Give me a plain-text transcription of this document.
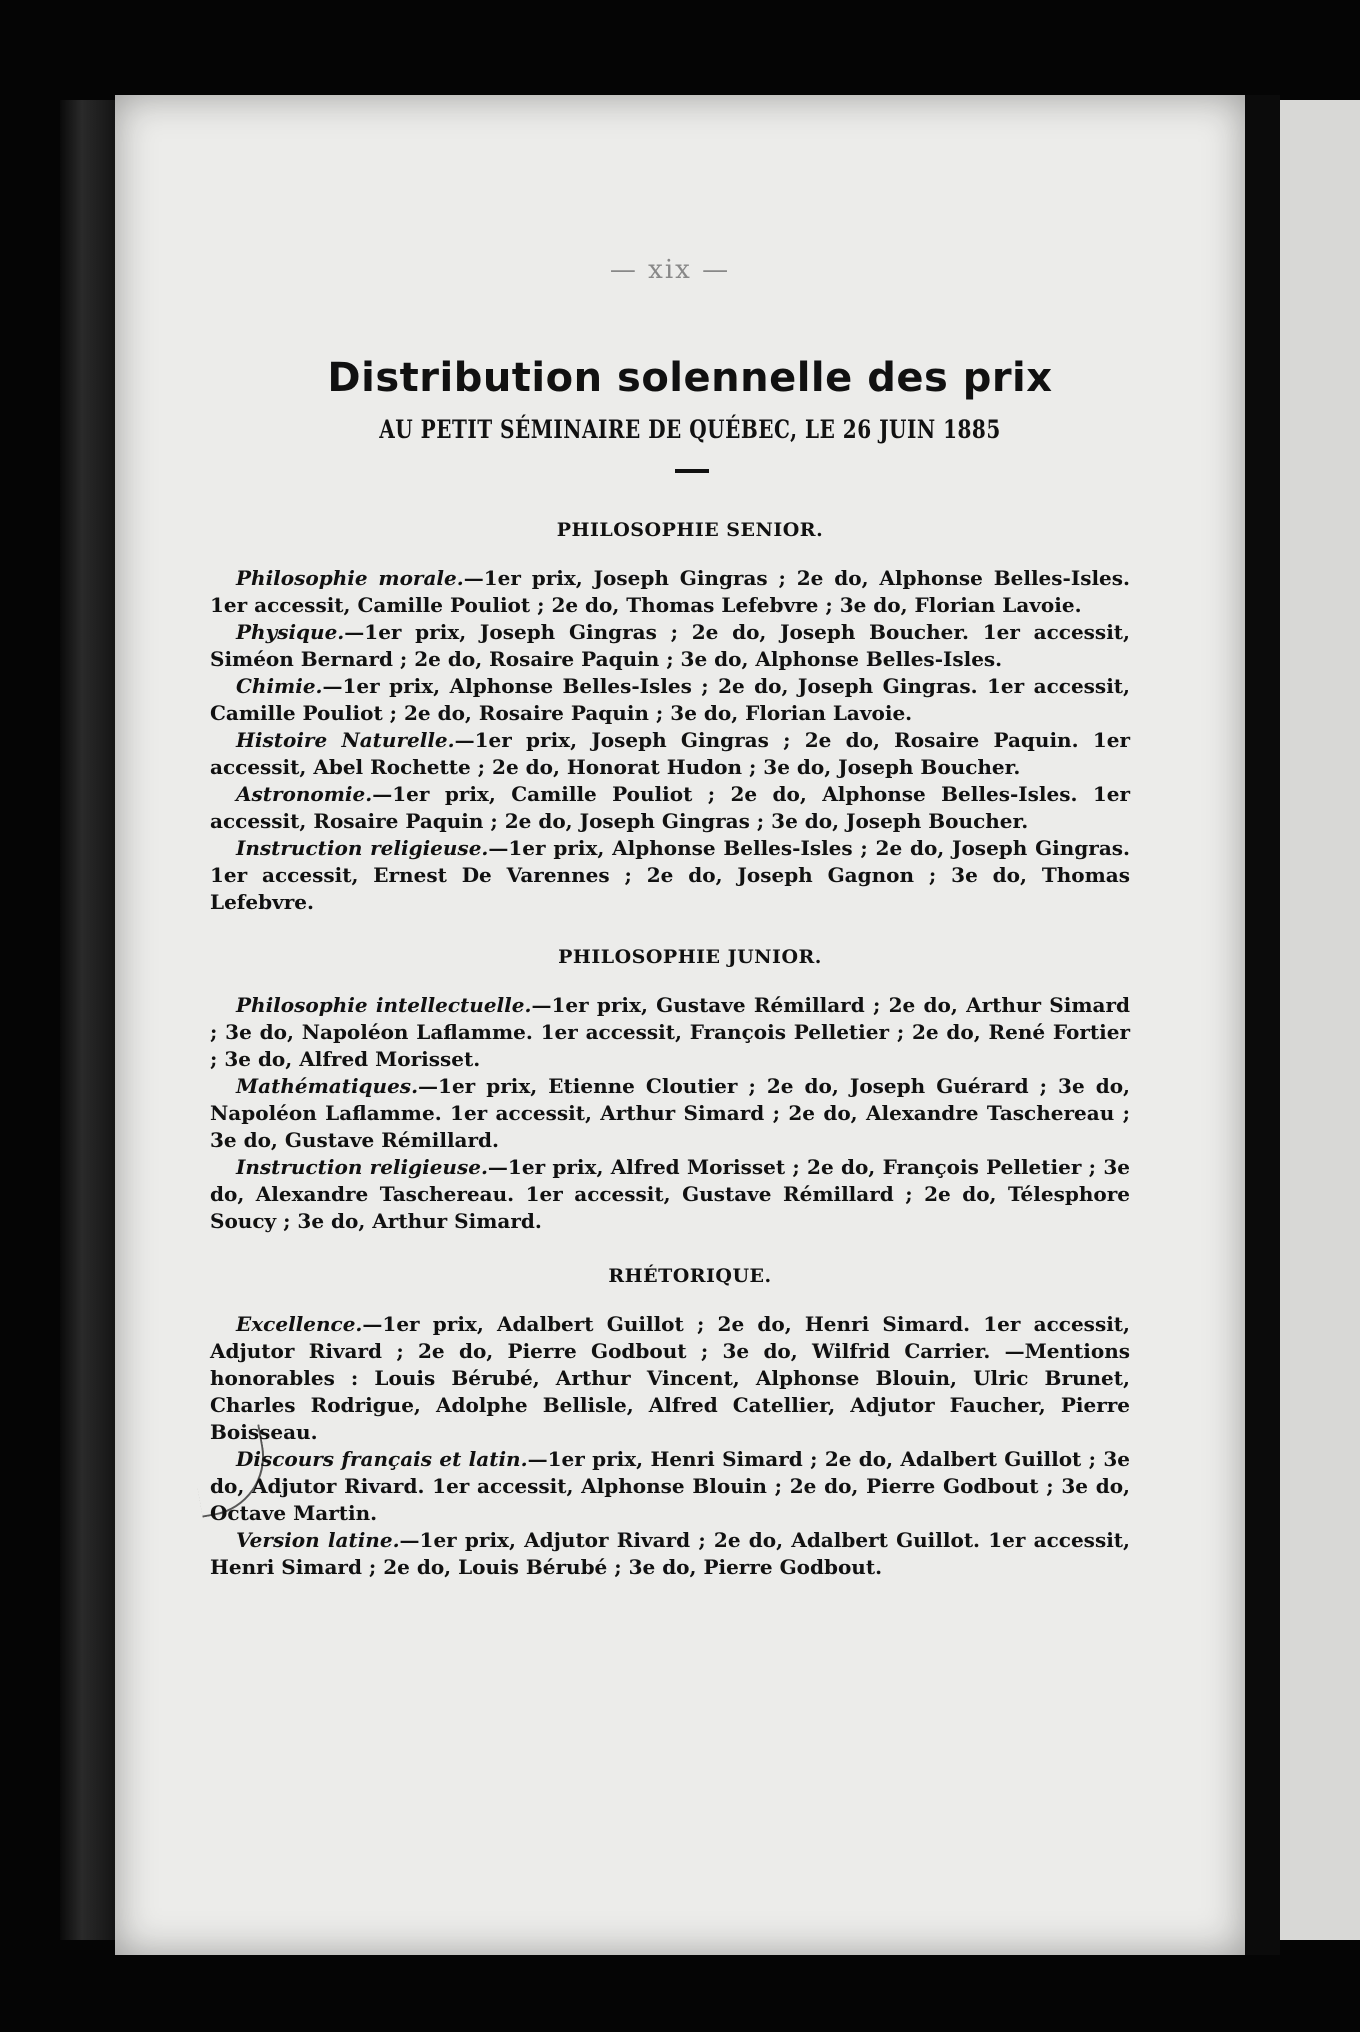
— xix —
Distribution solennelle des prix
AU PETIT SÉMINAIRE DE QUÉBEC, LE 26 JUIN 1885
PHILOSOPHIE SENIOR.

Philosophie morale.—1er prix, Joseph Gingras ; 2e do, Alphonse Belles-Isles. 1er accessit, Camille Pouliot ; 2e do, Thomas Lefebvre ; 3e do, Florian Lavoie.

Physique.—1er prix, Joseph Gingras ; 2e do, Joseph Boucher. 1er accessit, Siméon Bernard ; 2e do, Rosaire Paquin ; 3e do, Alphonse Belles-Isles.

Chimie.—1er prix, Alphonse Belles-Isles ; 2e do, Joseph Gingras. 1er accessit, Camille Pouliot ; 2e do, Rosaire Paquin ; 3e do, Florian Lavoie.

Histoire Naturelle.—1er prix, Joseph Gingras ; 2e do, Rosaire Paquin. 1er accessit, Abel Rochette ; 2e do, Honorat Hudon ; 3e do, Joseph Boucher.

Astronomie.—1er prix, Camille Pouliot ; 2e do, Alphonse Belles-Isles. 1er accessit, Rosaire Paquin ; 2e do, Joseph Gingras ; 3e do, Joseph Boucher.

Instruction religieuse.—1er prix, Alphonse Belles-Isles ; 2e do, Joseph Gingras. 1er accessit, Ernest De Varennes ; 2e do, Joseph Gagnon ; 3e do, Thomas Lefebvre.

PHILOSOPHIE JUNIOR.

Philosophie intellectuelle.—1er prix, Gustave Rémillard ; 2e do, Arthur Simard ; 3e do, Napoléon Laflamme. 1er accessit, François Pelletier ; 2e do, René Fortier ; 3e do, Alfred Morisset.

Mathématiques.—1er prix, Etienne Cloutier ; 2e do, Joseph Guérard ; 3e do, Napoléon Laflamme. 1er accessit, Arthur Simard ; 2e do, Alexandre Taschereau ; 3e do, Gustave Rémillard.

Instruction religieuse.—1er prix, Alfred Morisset ; 2e do, François Pelletier ; 3e do, Alexandre Taschereau. 1er accessit, Gustave Rémillard ; 2e do, Télesphore Soucy ; 3e do, Arthur Simard.

RHÉTORIQUE.

Excellence.—1er prix, Adalbert Guillot ; 2e do, Henri Simard. 1er accessit, Adjutor Rivard ; 2e do, Pierre Godbout ; 3e do, Wilfrid Carrier. —Mentions honorables : Louis Bérubé, Arthur Vincent, Alphonse Blouin, Ulric Brunet, Charles Rodrigue, Adolphe Bellisle, Alfred Catellier, Adjutor Faucher, Pierre Boisseau.

Discours français et latin.—1er prix, Henri Simard ; 2e do, Adalbert Guillot ; 3e do, Adjutor Rivard. 1er accessit, Alphonse Blouin ; 2e do, Pierre Godbout ; 3e do, Octave Martin.

Version latine.—1er prix, Adjutor Rivard ; 2e do, Adalbert Guillot. 1er accessit, Henri Simard ; 2e do, Louis Bérubé ; 3e do, Pierre Godbout.
